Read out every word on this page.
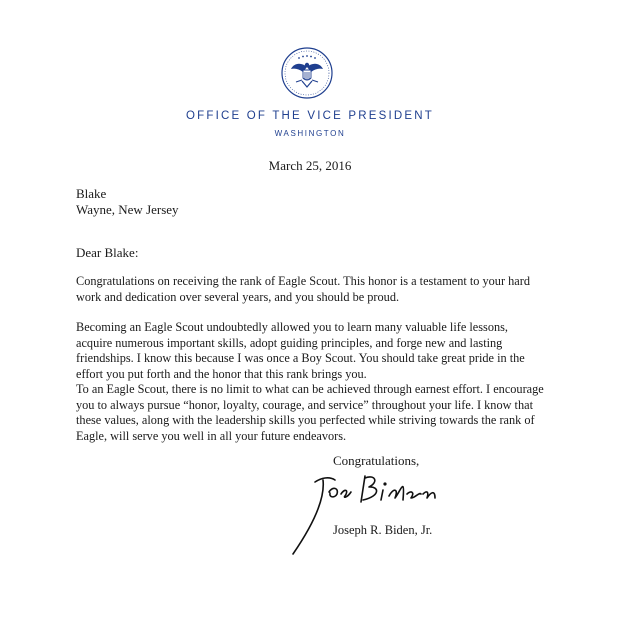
OFFICE OF THE VICE PRESIDENT
WASHINGTON
March 25, 2016
Blake
Wayne, New Jersey
Dear Blake:

Congratulations on receiving the rank of Eagle Scout. This honor is a testament to your hard work and dedication over several years, and you should be proud.

Becoming an Eagle Scout undoubtedly allowed you to learn many valuable life lessons, acquire numerous important skills, adopt guiding principles, and forge new and lasting friendships. I know this because I was once a Boy Scout. You should take great pride in the effort you put forth and the honor that this rank brings you.

To an Eagle Scout, there is no limit to what can be achieved through earnest effort. I encourage you to always pursue “honor, loyalty, courage, and service” throughout your life. I know that these values, along with the leadership skills you perfected while striving towards the rank of Eagle, will serve you well in all your future endeavors.

Congratulations,
Joseph R. Biden, Jr.
